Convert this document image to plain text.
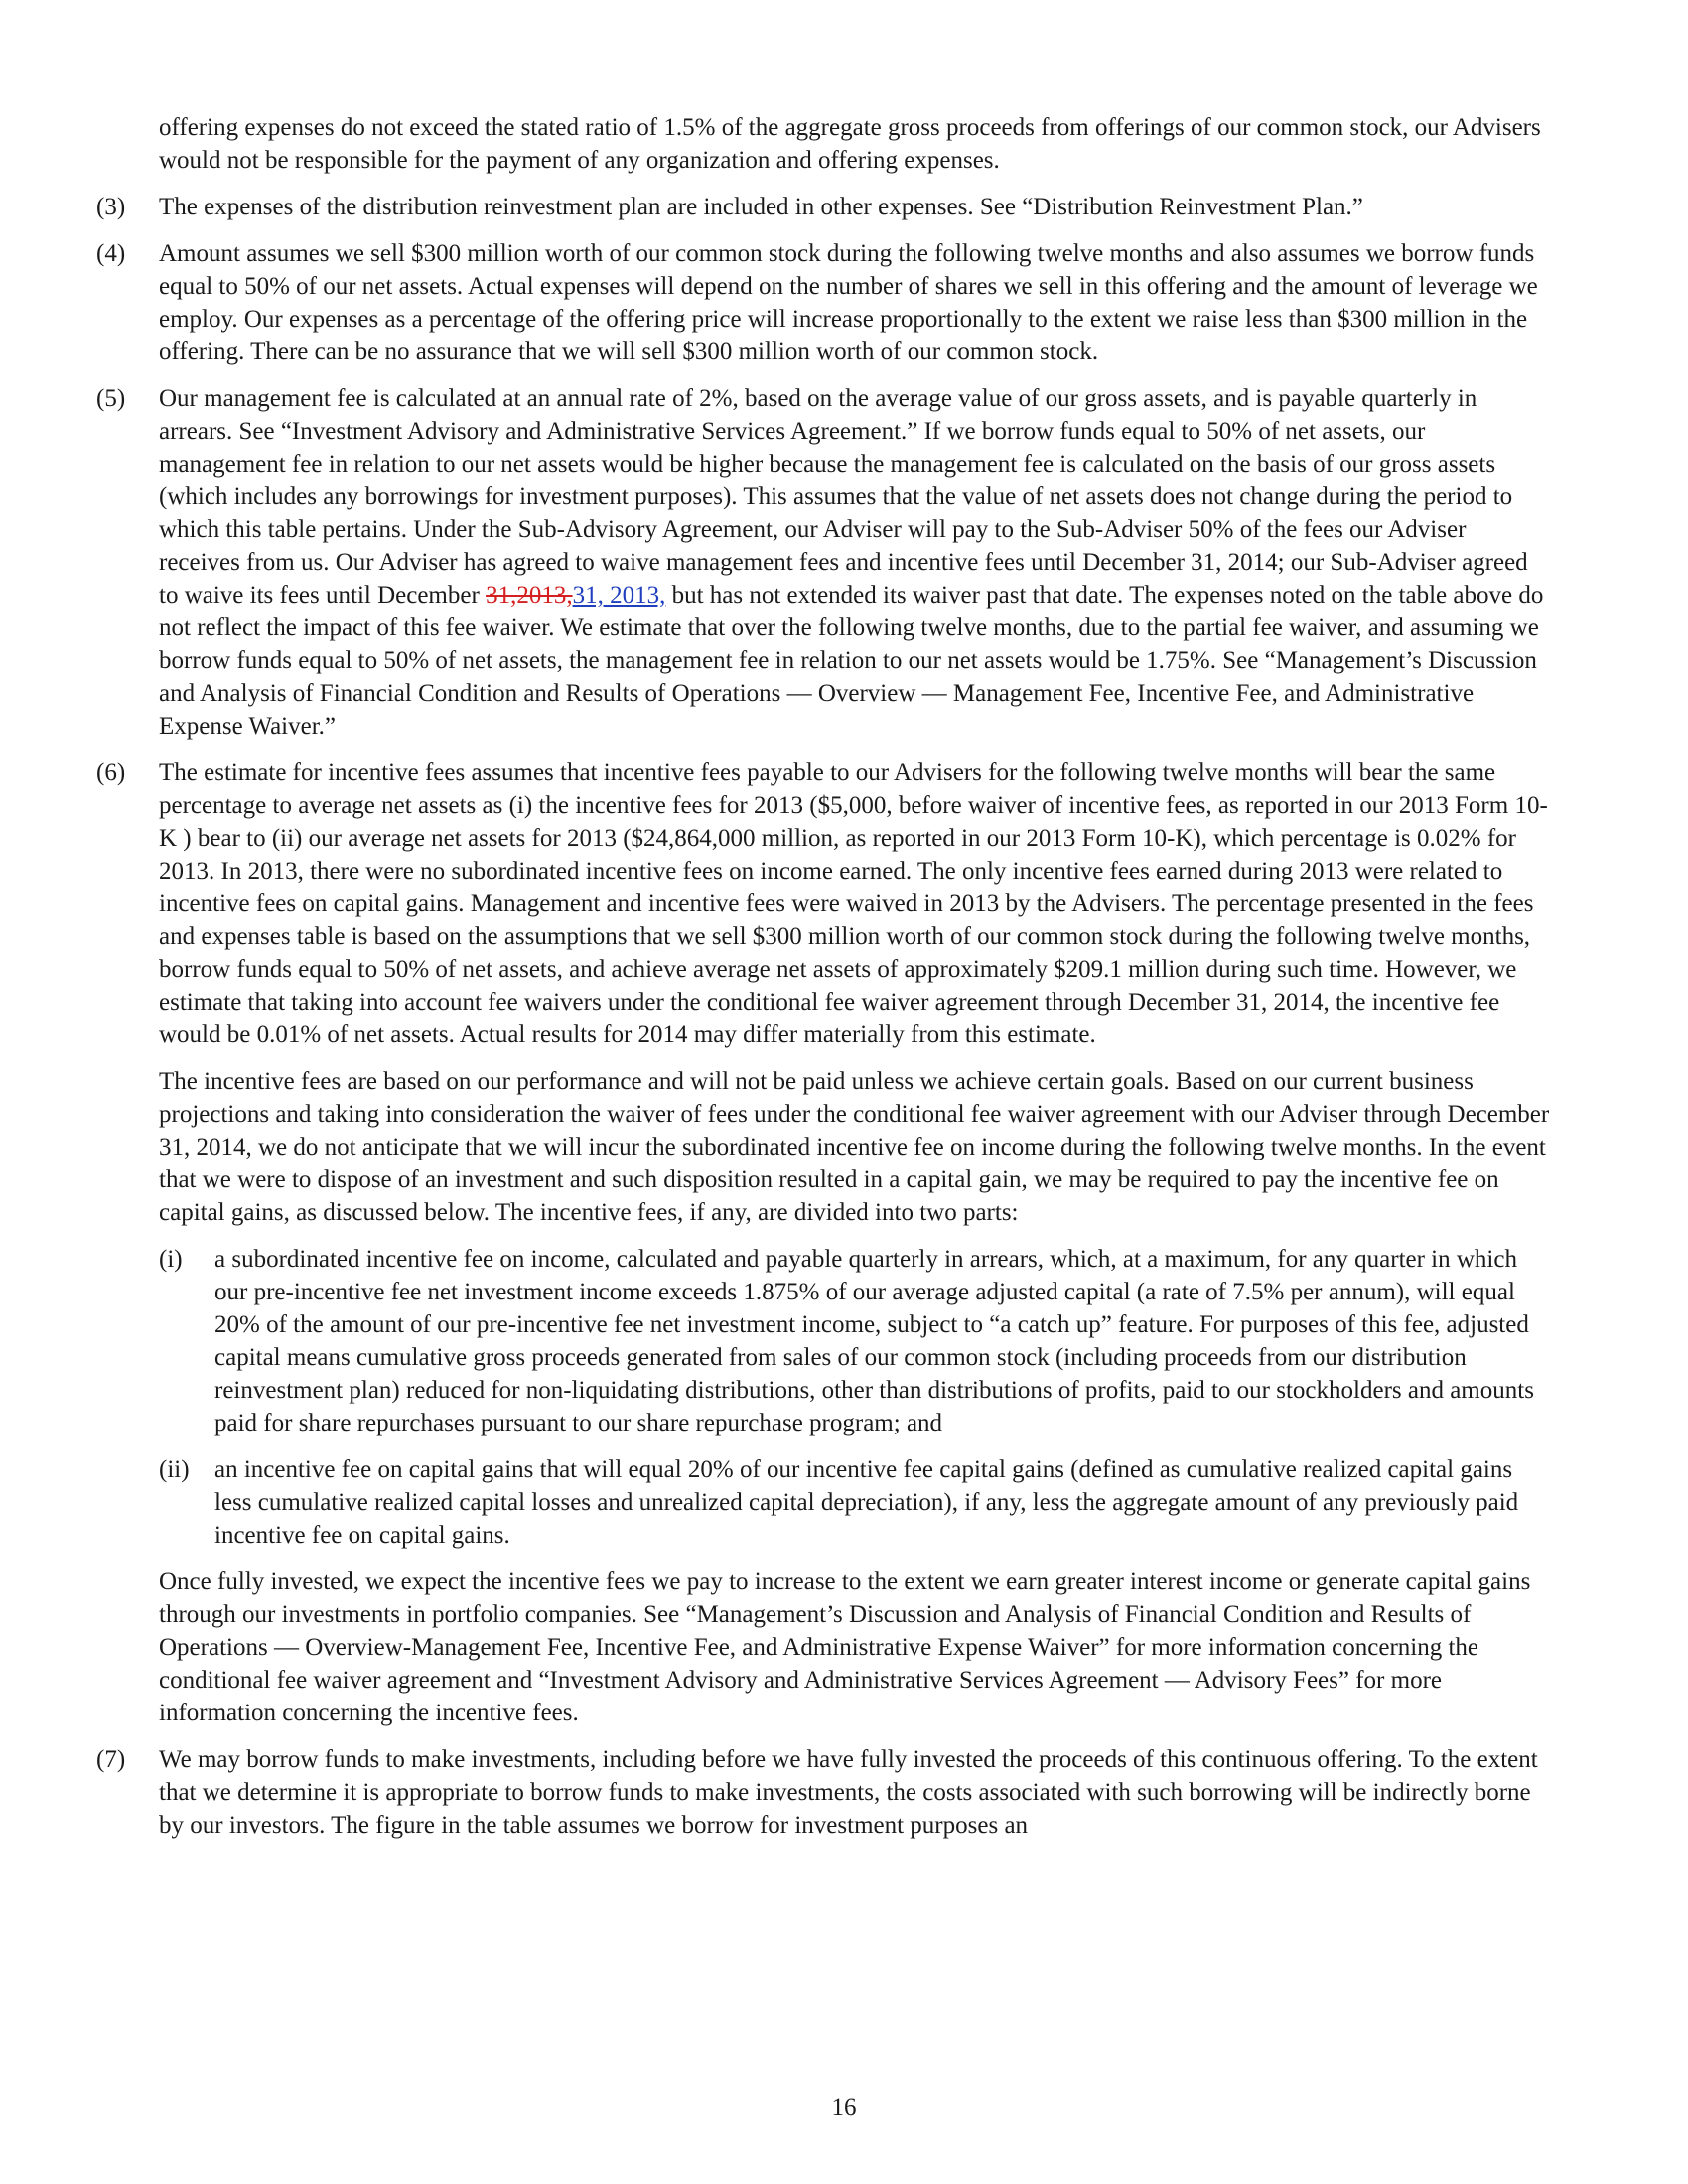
offering expenses do not exceed the stated ratio of 1.5% of the aggregate gross proceeds from offerings of our common stock, our Advisers would not be responsible for the payment of any organization and offering expenses.
(3)	The expenses of the distribution reinvestment plan are included in other expenses. See “Distribution Reinvestment Plan.”
(4)	Amount assumes we sell $300 million worth of our common stock during the following twelve months and also assumes we borrow funds equal to 50% of our net assets. Actual expenses will depend on the number of shares we sell in this offering and the amount of leverage we employ. Our expenses as a percentage of the offering price will increase proportionally to the extent we raise less than $300 million in the offering. There can be no assurance that we will sell $300 million worth of our common stock.
(5)	Our management fee is calculated at an annual rate of 2%, based on the average value of our gross assets, and is payable quarterly in arrears. See “Investment Advisory and Administrative Services Agreement.” If we borrow funds equal to 50% of net assets, our management fee in relation to our net assets would be higher because the management fee is calculated on the basis of our gross assets (which includes any borrowings for investment purposes). This assumes that the value of net assets does not change during the period to which this table pertains. Under the Sub-Advisory Agreement, our Adviser will pay to the Sub-Adviser 50% of the fees our Adviser receives from us. Our Adviser has agreed to waive management fees and incentive fees until December 31, 2014; our Sub-Adviser agreed to waive its fees until December 31,2013,31, 2013, but has not extended its waiver past that date. The expenses noted on the table above do not reflect the impact of this fee waiver. We estimate that over the following twelve months, due to the partial fee waiver, and assuming we borrow funds equal to 50% of net assets, the management fee in relation to our net assets would be 1.75%. See “Management’s Discussion and Analysis of Financial Condition and Results of Operations — Overview — Management Fee, Incentive Fee, and Administrative Expense Waiver.”
(6)	The estimate for incentive fees assumes that incentive fees payable to our Advisers for the following twelve months will bear the same percentage to average net assets as (i) the incentive fees for 2013 ($5,000, before waiver of incentive fees, as reported in our 2013 Form 10-K ) bear to (ii) our average net assets for 2013 ($24,864,000 million, as reported in our 2013 Form 10-K), which percentage is 0.02% for 2013. In 2013, there were no subordinated incentive fees on income earned. The only incentive fees earned during 2013 were related to incentive fees on capital gains. Management and incentive fees were waived in 2013 by the Advisers. The percentage presented in the fees and expenses table is based on the assumptions that we sell $300 million worth of our common stock during the following twelve months, borrow funds equal to 50% of net assets, and achieve average net assets of approximately $209.1 million during such time. However, we estimate that taking into account fee waivers under the conditional fee waiver agreement through December 31, 2014, the incentive fee would be 0.01% of net assets. Actual results for 2014 may differ materially from this estimate.
The incentive fees are based on our performance and will not be paid unless we achieve certain goals. Based on our current business projections and taking into consideration the waiver of fees under the conditional fee waiver agreement with our Adviser through December 31, 2014, we do not anticipate that we will incur the subordinated incentive fee on income during the following twelve months. In the event that we were to dispose of an investment and such disposition resulted in a capital gain, we may be required to pay the incentive fee on capital gains, as discussed below. The incentive fees, if any, are divided into two parts:
(i)	a subordinated incentive fee on income, calculated and payable quarterly in arrears, which, at a maximum, for any quarter in which our pre-incentive fee net investment income exceeds 1.875% of our average adjusted capital (a rate of 7.5% per annum), will equal 20% of the amount of our pre-incentive fee net investment income, subject to “a catch up” feature. For purposes of this fee, adjusted capital means cumulative gross proceeds generated from sales of our common stock (including proceeds from our distribution reinvestment plan) reduced for non-liquidating distributions, other than distributions of profits, paid to our stockholders and amounts paid for share repurchases pursuant to our share repurchase program; and
(ii)	an incentive fee on capital gains that will equal 20% of our incentive fee capital gains (defined as cumulative realized capital gains less cumulative realized capital losses and unrealized capital depreciation), if any, less the aggregate amount of any previously paid incentive fee on capital gains.
Once fully invested, we expect the incentive fees we pay to increase to the extent we earn greater interest income or generate capital gains through our investments in portfolio companies. See “Management’s Discussion and Analysis of Financial Condition and Results of Operations — Overview-Management Fee, Incentive Fee, and Administrative Expense Waiver” for more information concerning the conditional fee waiver agreement and “Investment Advisory and Administrative Services Agreement — Advisory Fees” for more information concerning the incentive fees.
(7)	We may borrow funds to make investments, including before we have fully invested the proceeds of this continuous offering. To the extent that we determine it is appropriate to borrow funds to make investments, the costs associated with such borrowing will be indirectly borne by our investors. The figure in the table assumes we borrow for investment purposes an
16
